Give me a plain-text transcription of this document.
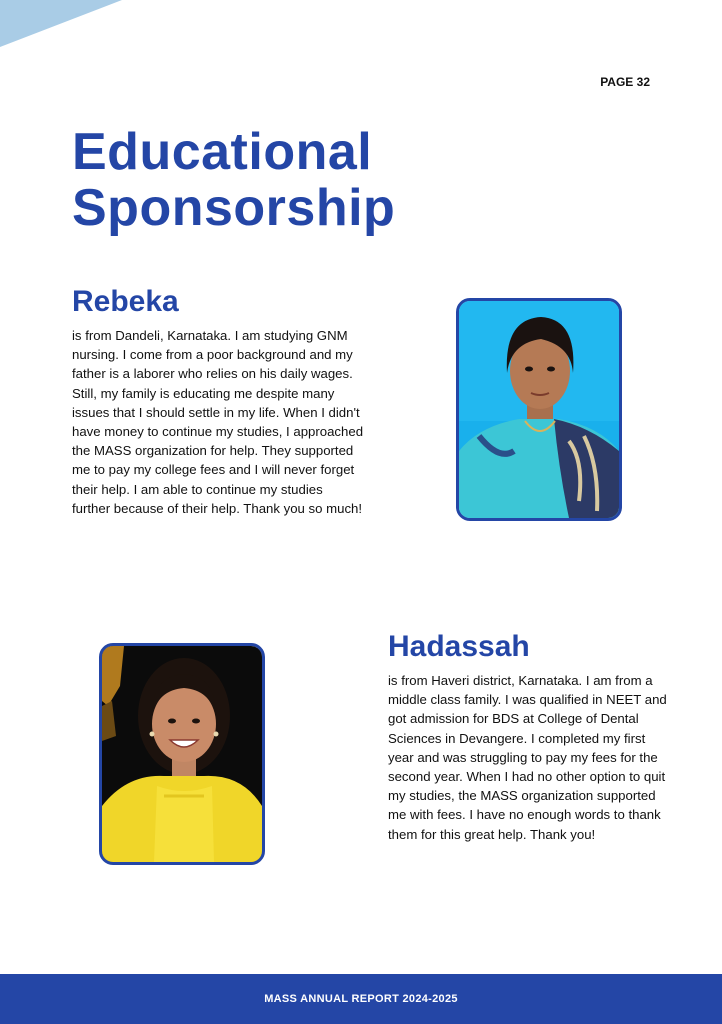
PAGE 32
Educational
Sponsorship
Rebeka

is from Dandeli, Karnataka. I am studying GNM nursing. I come from a poor background and my father is a laborer who relies on his daily wages. Still, my family is educating me despite many issues that I should settle in my life. When I didn't have money to continue my studies, I approached the MASS organization for help. They supported me to pay my college fees and I will never forget their help. I am able to continue my studies further because of their help. Thank you so much!

Hadassah

is from Haveri district, Karnataka. I am from a middle class family. I was qualified in NEET and got admission for BDS at College of Dental Sciences in Devangere. I completed my first year and was struggling to pay my fees for the second year. When I had no other option to quit my studies, the MASS organization supported me with fees. I have no enough words to thank them for this great help. Thank you!

MASS ANNUAL REPORT 2024-2025
